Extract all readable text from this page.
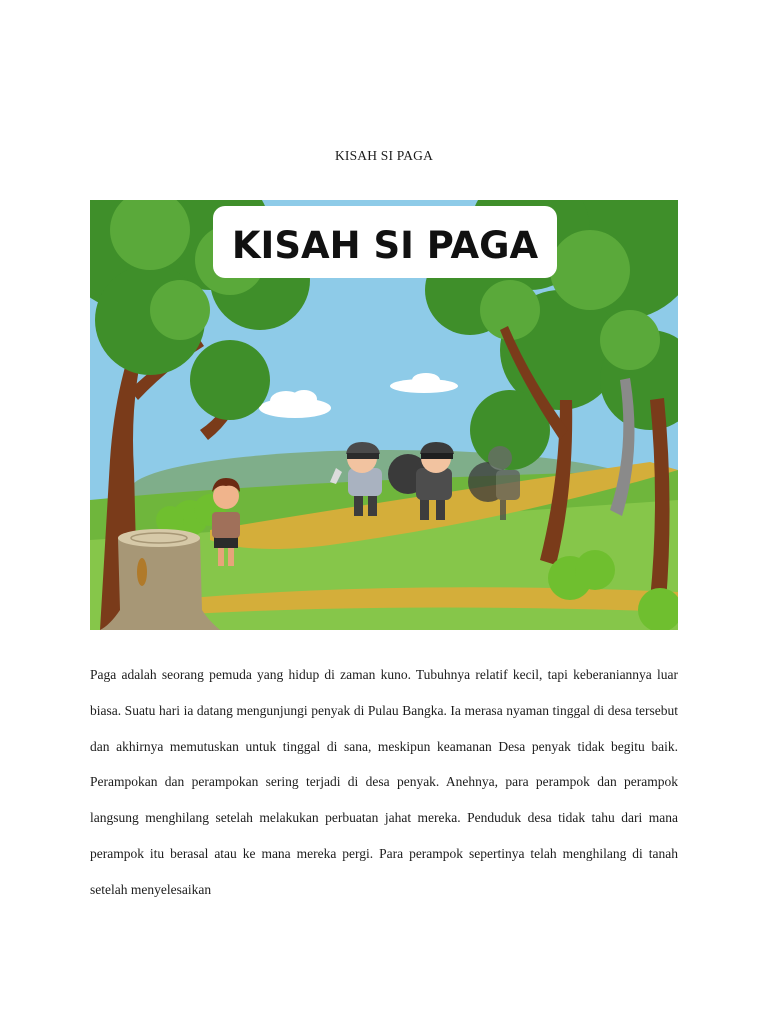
KISAH SI PAGA
KISAH SI PAGA
Paga adalah seorang pemuda yang hidup di zaman kuno. Tubuhnya relatif kecil, tapi keberaniannya luar biasa. Suatu hari ia datang mengunjungi penyak di Pulau Bangka. Ia merasa nyaman tinggal di desa tersebut dan akhirnya memutuskan untuk tinggal di sana, meskipun keamanan Desa penyak tidak begitu baik. Perampokan dan perampokan sering terjadi di desa penyak. Anehnya, para perampok dan perampok langsung menghilang setelah melakukan perbuatan jahat mereka. Penduduk desa tidak tahu dari mana perampok itu berasal atau ke mana mereka pergi. Para perampok sepertinya telah menghilang di tanah setelah menyelesaikan
